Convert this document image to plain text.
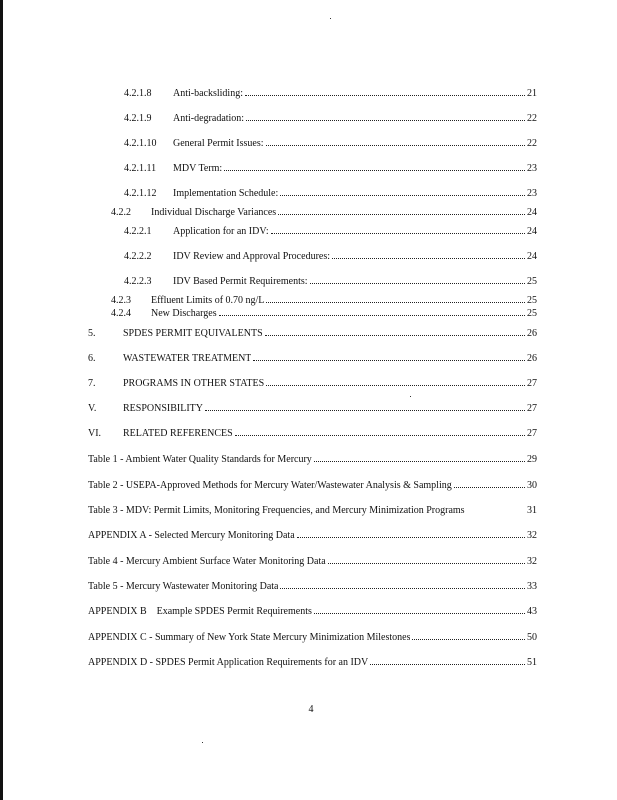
4.2.1.8	Anti-backsliding:	21
4.2.1.9	Anti-degradation:	22
4.2.1.10	General Permit Issues:	22
4.2.1.11	MDV Term:	23
4.2.1.12	Implementation Schedule:	23
4.2.2	Individual Discharge Variances	24
4.2.2.1	Application for an IDV:	24
4.2.2.2	IDV Review and Approval Procedures:	24
4.2.2.3	IDV Based Permit Requirements:	25
4.2.3	Effluent Limits of 0.70 ng/L	25
4.2.4	New Discharges	25
5.	SPDES PERMIT EQUIVALENTS	26
6.	WASTEWATER TREATMENT	26
7.	PROGRAMS IN OTHER STATES	27
V.	RESPONSIBILITY	27
VI.	RELATED REFERENCES	27
Table 1 - Ambient Water Quality Standards for Mercury	29
Table 2 - USEPA-Approved Methods for Mercury Water/Wastewater Analysis & Sampling	30
Table 3 - MDV: Permit Limits, Monitoring Frequencies, and Mercury Minimization Programs	31
APPENDIX A - Selected Mercury Monitoring Data	32
Table 4 - Mercury Ambient Surface Water Monitoring Data	32
Table 5 - Mercury Wastewater Monitoring Data	33
APPENDIX B    Example SPDES Permit Requirements	43
APPENDIX C - Summary of New York State Mercury Minimization Milestones	50
APPENDIX D - SPDES Permit Application Requirements for an IDV	51
4
